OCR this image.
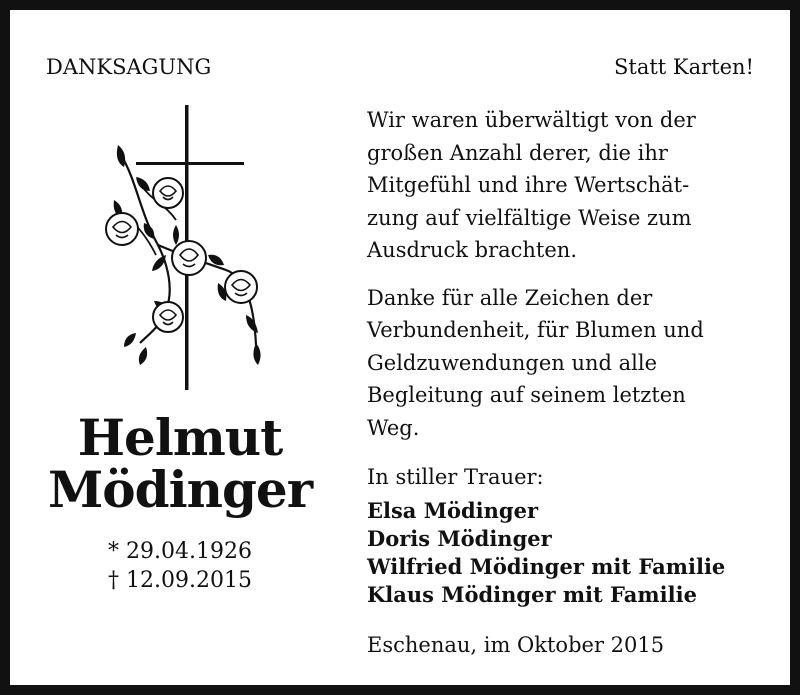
DANKSAGUNG	Statt Karten!
Helmut
Mödinger
* 29.04.1926
† 12.09.2015
Wir waren überwältigt von der
großen Anzahl derer, die ihr
Mitgefühl und ihre Wertschät-
zung auf vielfältige Weise zum
Ausdruck brachten.
Danke für alle Zeichen der
Verbundenheit, für Blumen und
Geldzuwendungen und alle
Begleitung auf seinem letzten
Weg.
In stiller Trauer:
Elsa Mödinger
Doris Mödinger
Wilfried Mödinger mit Familie
Klaus Mödinger mit Familie
Eschenau, im Oktober 2015
